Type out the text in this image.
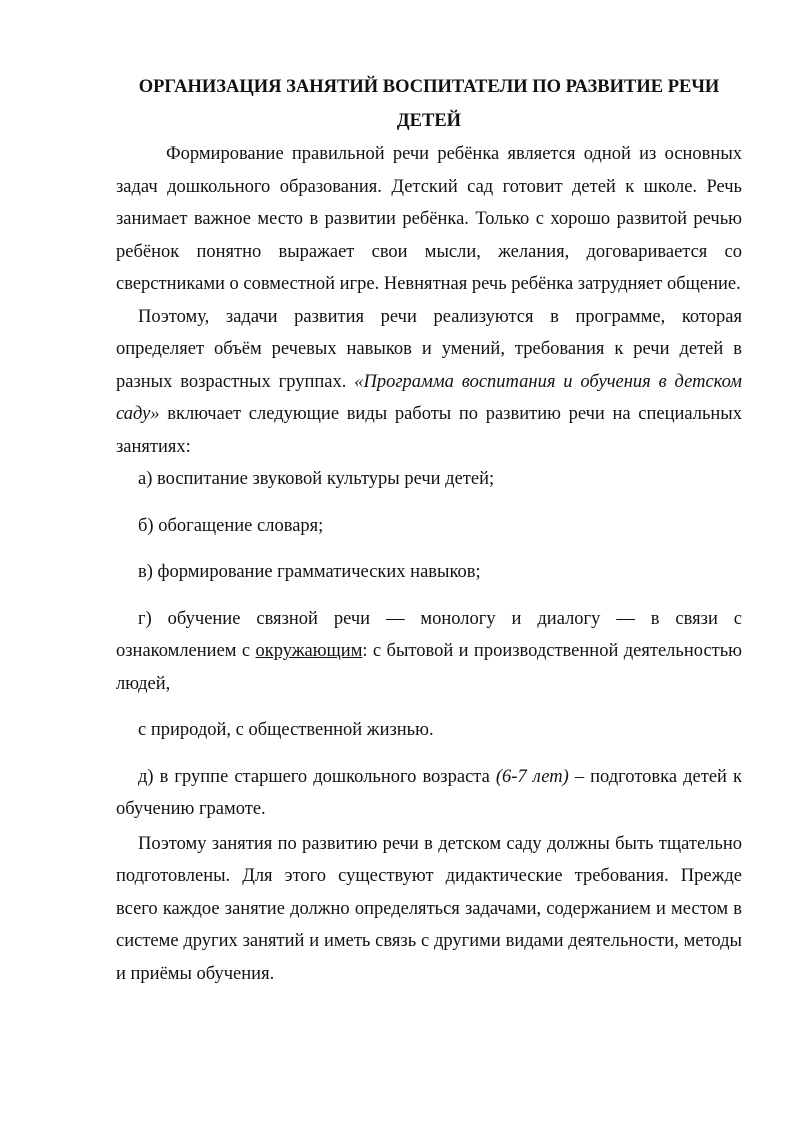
ОРГАНИЗАЦИЯ ЗАНЯТИЙ ВОСПИТАТЕЛИ ПО РАЗВИТИЕ РЕЧИ
ДЕТЕЙ

Формирование правильной речи ребёнка является одной из основных задач дошкольного образования. Детский сад готовит детей к школе. Речь занимает важное место в развитии ребёнка. Только с хорошо развитой речью ребёнок понятно выражает свои мысли, желания, договаривается со сверстниками о совместной игре. Невнятная речь ребёнка затрудняет общение.

Поэтому, задачи развития речи реализуются в программе, которая определяет объём речевых навыков и умений, требования к речи детей в разных возрастных группах. «Программа воспитания и обучения в детском саду» включает следующие виды работы по развитию речи на специальных занятиях:

а) воспитание звуковой культуры речи детей;

б) обогащение словаря;

в) формирование грамматических навыков;

г) обучение связной речи — монологу и диалогу — в связи с ознакомлением с окружающим: с бытовой и производственной деятельностью людей,

с природой, с общественной жизнью.

д) в группе старшего дошкольного возраста (6-7 лет) – подготовка детей к обучению грамоте.

Поэтому занятия по развитию речи в детском саду должны быть тщательно подготовлены. Для этого существуют дидактические требования. Прежде всего каждое занятие должно определяться задачами, содержанием и местом в системе других занятий и иметь связь с другими видами деятельности, методы и приёмы обучения.
